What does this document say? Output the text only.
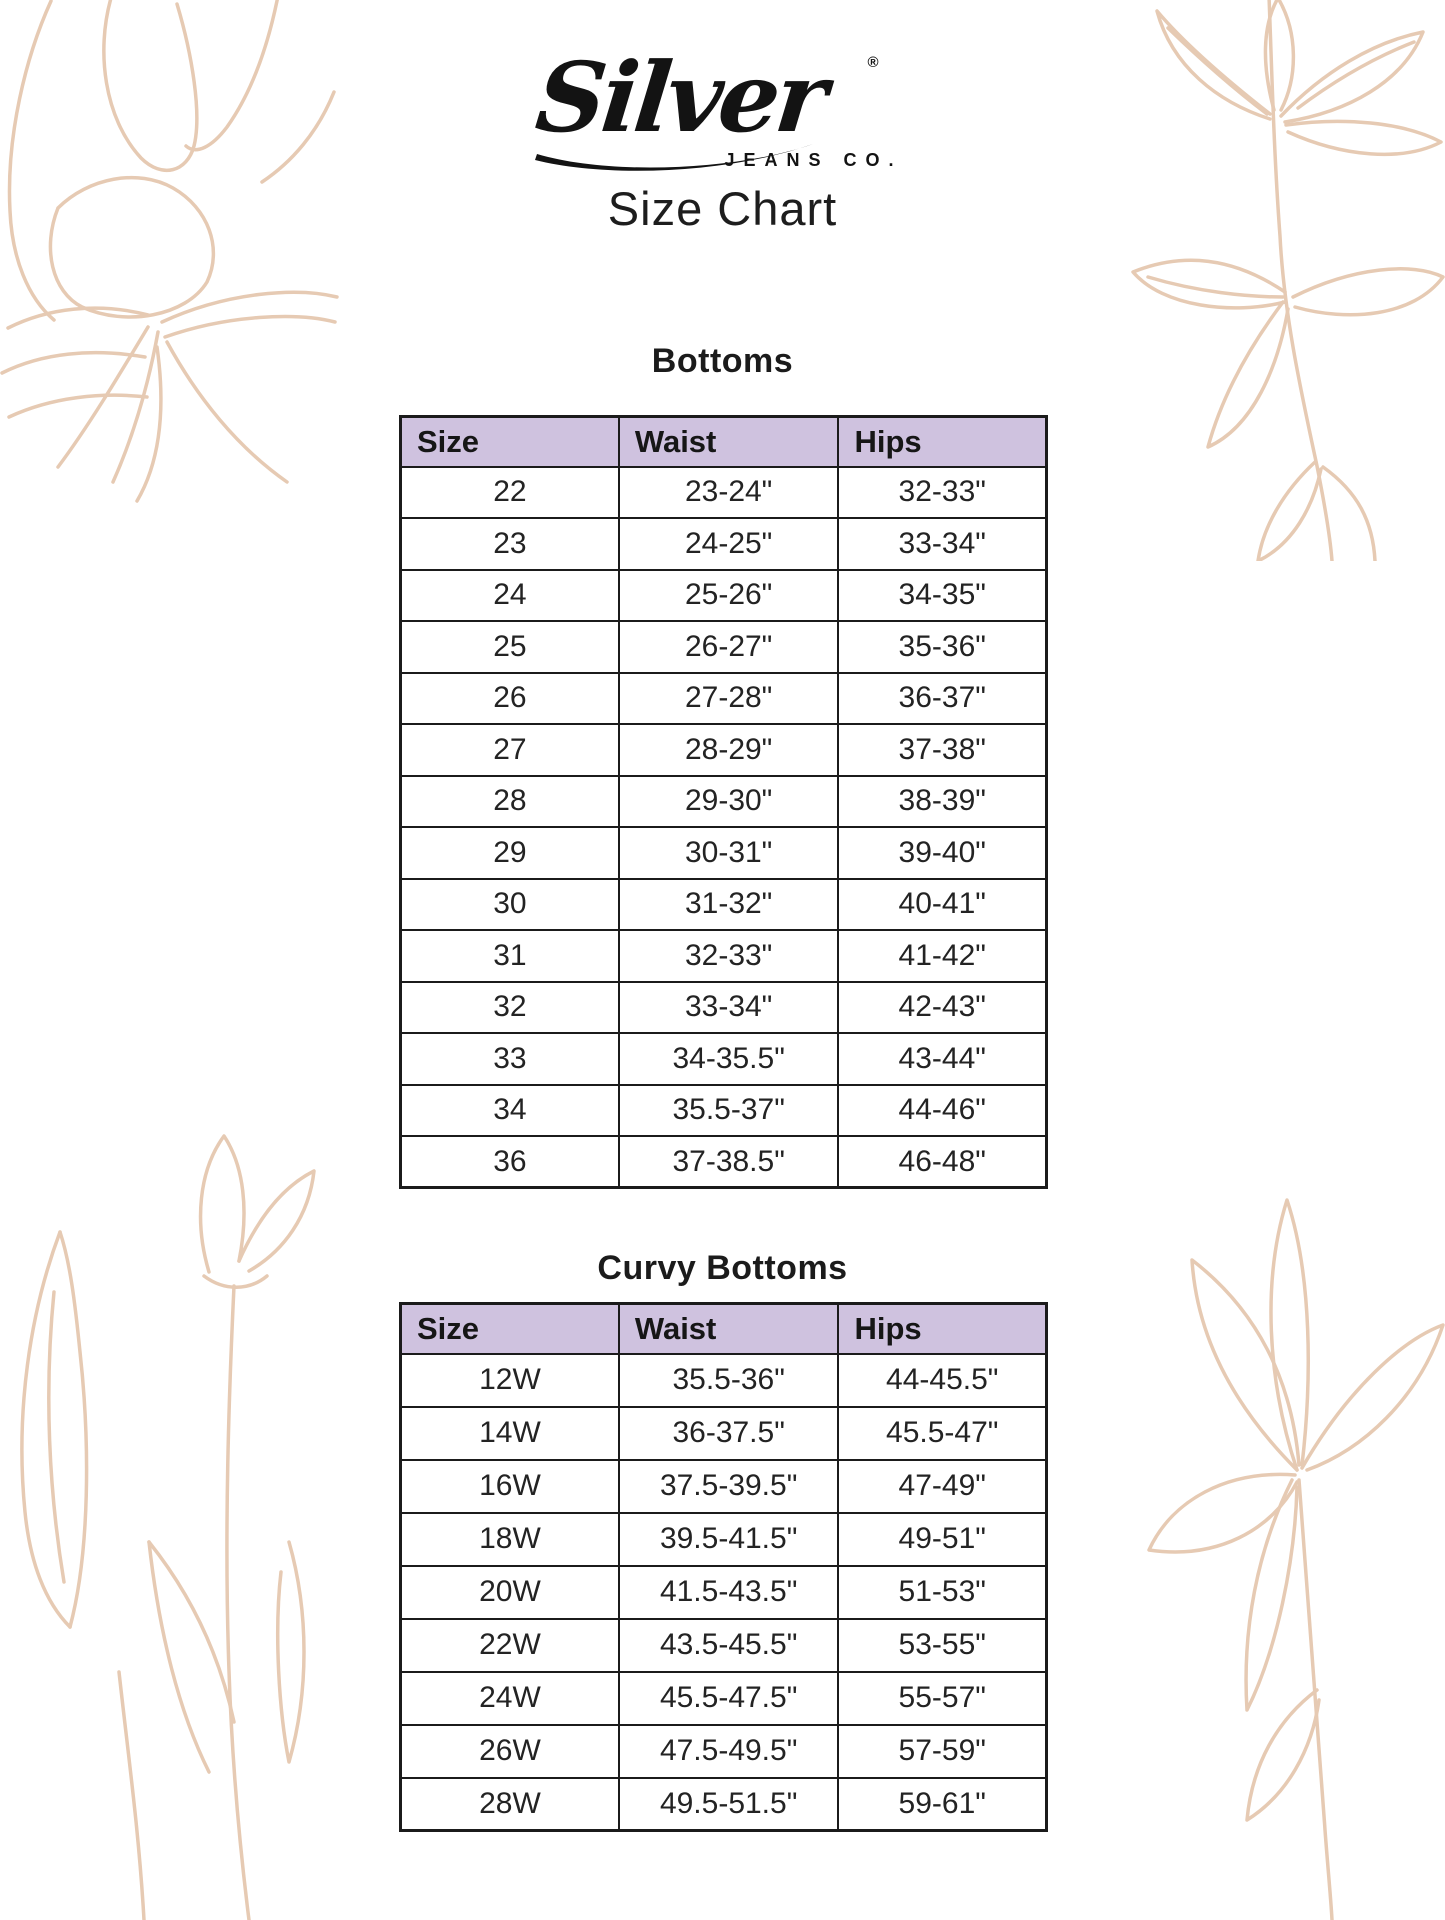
Silver	®
JEANS CO.
Size Chart
Bottoms
Size	Waist	Hips
22	23-24"	32-33"
23	24-25"	33-34"
24	25-26"	34-35"
25	26-27"	35-36"
26	27-28"	36-37"
27	28-29"	37-38"
28	29-30"	38-39"
29	30-31"	39-40"
30	31-32"	40-41"
31	32-33"	41-42"
32	33-34"	42-43"
33	34-35.5"	43-44"
34	35.5-37"	44-46"
36	37-38.5"	46-48"
Curvy Bottoms
Size	Waist	Hips
12W	35.5-36"	44-45.5"
14W	36-37.5"	45.5-47"
16W	37.5-39.5"	47-49"
18W	39.5-41.5"	49-51"
20W	41.5-43.5"	51-53"
22W	43.5-45.5"	53-55"
24W	45.5-47.5"	55-57"
26W	47.5-49.5"	57-59"
28W	49.5-51.5"	59-61"
